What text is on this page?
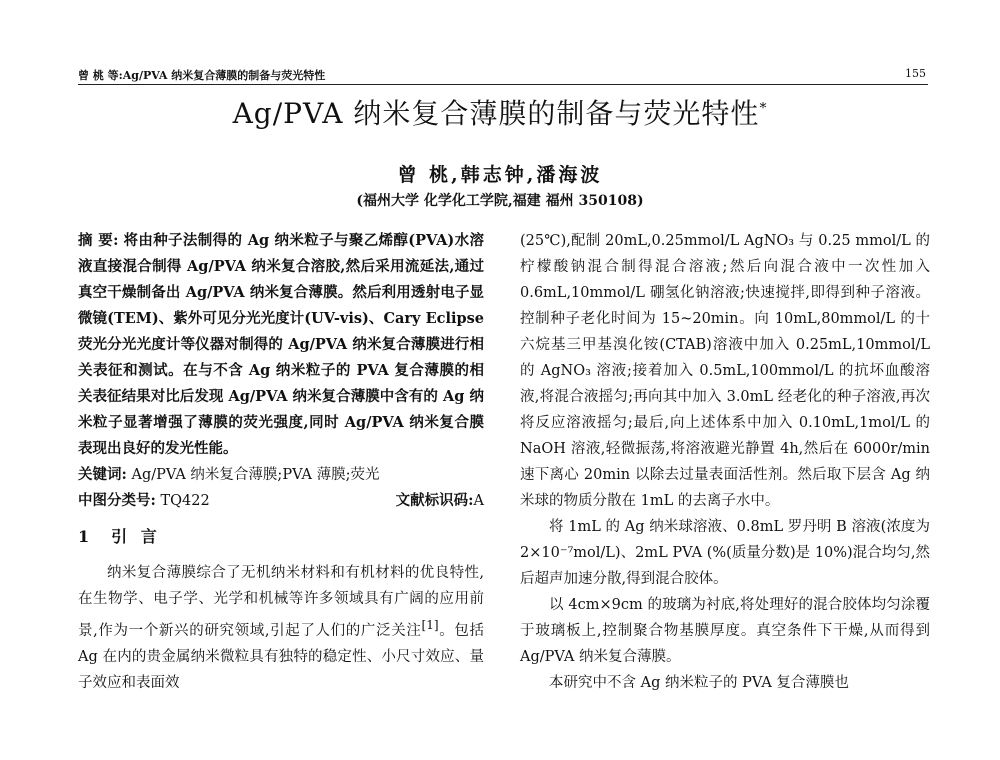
曾 桃 等:Ag/PVA 纳米复合薄膜的制备与荧光特性	155
Ag/PVA 纳米复合薄膜的制备与荧光特性*
曾 桃,韩志钟,潘海波
(福州大学 化学化工学院,福建 福州 350108)

摘 要: 将由种子法制得的 Ag 纳米粒子与聚乙烯醇(PVA)水溶液直接混合制得 Ag/PVA 纳米复合溶胶,然后采用流延法,通过真空干燥制备出 Ag/PVA 纳米复合薄膜。然后利用透射电子显微镜(TEM)、紫外可见分光光度计(UV-vis)、Cary Eclipse 荧光分光光度计等仪器对制得的 Ag/PVA 纳米复合薄膜进行相关表征和测试。在与不含 Ag 纳米粒子的 PVA 复合薄膜的相关表征结果对比后发现 Ag/PVA 纳米复合薄膜中含有的 Ag 纳米粒子显著增强了薄膜的荧光强度,同时 Ag/PVA 纳米复合膜表现出良好的发光性能。

关键词: Ag/PVA 纳米复合薄膜;PVA 薄膜;荧光

中图分类号: TQ422	文献标识码:A
1 引 言

纳米复合薄膜综合了无机纳米材料和有机材料的优良特性,在生物学、电子学、光学和机械等许多领域具有广阔的应用前景,作为一个新兴的研究领域,引起了人们的广泛关注[1]。包括 Ag 在内的贵金属纳米微粒具有独特的稳定性、小尺寸效应、量子效应和表面效

(25℃),配制 20mL,0.25mmol/L AgNO₃ 与 0.25 mmol/L 的柠檬酸钠混合制得混合溶液;然后向混合液中一次性加入 0.6mL,10mmol/L 硼氢化钠溶液;快速搅拌,即得到种子溶液。控制种子老化时间为 15~20min。向 10mL,80mmol/L 的十六烷基三甲基溴化铵(CTAB)溶液中加入 0.25mL,10mmol/L 的 AgNO₃ 溶液;接着加入 0.5mL,100mmol/L 的抗坏血酸溶液,将混合液摇匀;再向其中加入 3.0mL 经老化的种子溶液,再次将反应溶液摇匀;最后,向上述体系中加入 0.10mL,1mol/L 的 NaOH 溶液,轻微振荡,将溶液避光静置 4h,然后在 6000r/min 速下离心 20min 以除去过量表面活性剂。然后取下层含 Ag 纳米球的物质分散在 1mL 的去离子水中。

将 1mL 的 Ag 纳米球溶液、0.8mL 罗丹明 B 溶液(浓度为 2×10⁻⁷mol/L)、2mL PVA (%(质量分数)是 10%)混合均匀,然后超声加速分散,得到混合胶体。

以 4cm×9cm 的玻璃为衬底,将处理好的混合胶体均匀涂覆于玻璃板上,控制聚合物基膜厚度。真空条件下干燥,从而得到 Ag/PVA 纳米复合薄膜。

本研究中不含 Ag 纳米粒子的 PVA 复合薄膜也
